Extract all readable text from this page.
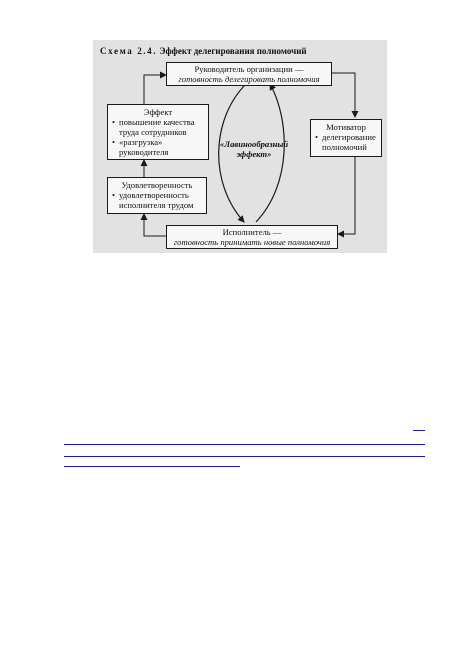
Схема 2.4. Эффект делегирования полномочий
Руководитель организации —
готовность делегировать полномочия
Мотиватор
• делегирование полномочий
Исполнитель —
готовность принимать новые полномочия
Удовлетворенность
• удовлетворенность исполнителя трудом
Эффект
• повышение качества труда сотрудников
• «разгрузка» руководителя
«Лавинообразный эффект»
